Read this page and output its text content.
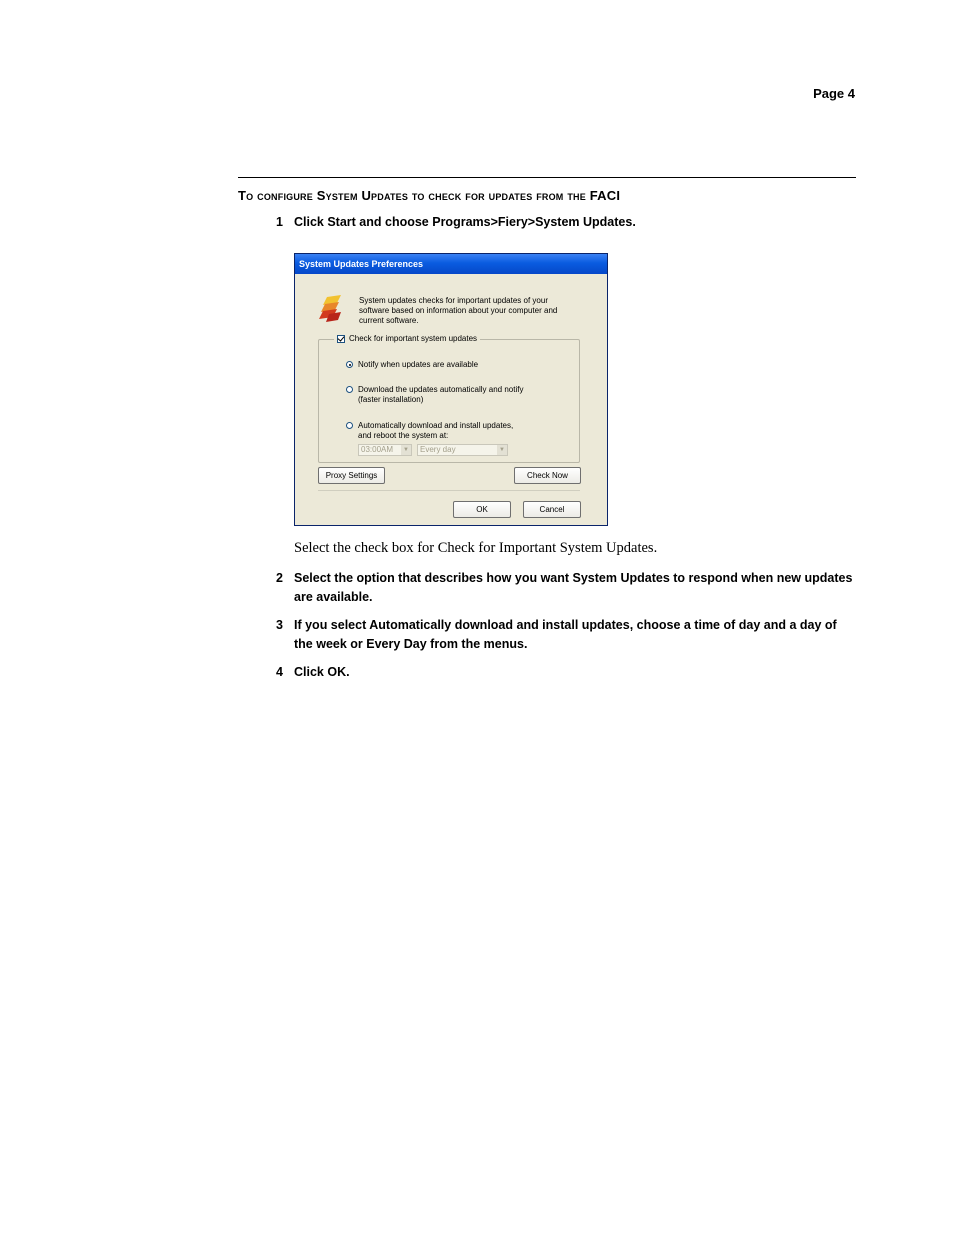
Page 4
To configure System Updates to check for updates from the FACI
1 Click Start and choose Programs>Fiery>System Updates.
System Updates Preferences
System updates checks for important updates of your software based on information about your computer and current software.
Check for important system updates
Notify when updates are available
Download the updates automatically and notify
(faster installation)
Automatically download and install updates,
and reboot the system at:
03:00AM	▼	Every day	▼
Proxy Settings	Check Now
OK	Cancel
Select the check box for Check for Important System Updates.
2 Select the option that describes how you want System Updates to respond when new updates are available.
3 If you select Automatically download and install updates, choose a time of day and a day of the week or Every Day from the menus.
4 Click OK.
